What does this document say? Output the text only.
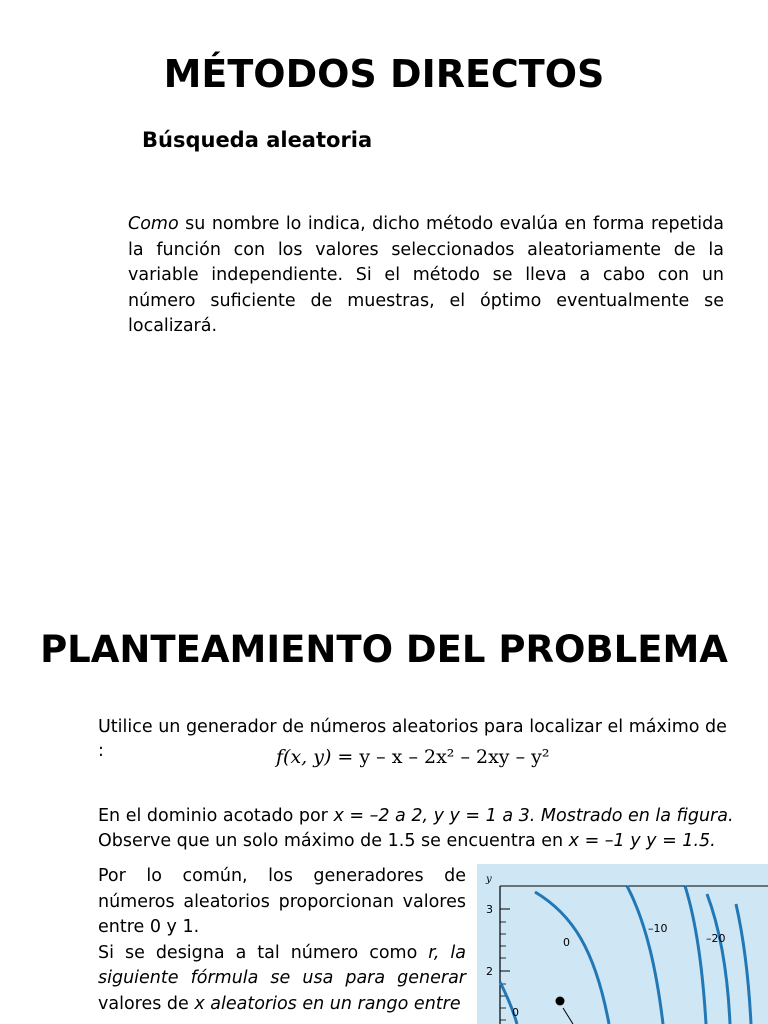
MÉTODOS DIRECTOS
Búsqueda aleatoria
Como su nombre lo indica, dicho método evalúa en forma repetida la función con los valores seleccionados aleatoriamente de la variable independiente. Si el método se lleva a cabo con un número suficiente de muestras, el óptimo eventualmente se localizará.
PLANTEAMIENTO DEL PROBLEMA
Utilice un generador de números aleatorios para localizar el máximo de :	f(x, y) = y – x – 2x² – 2xy – y²
En el dominio acotado por x = –2 a 2, y y = 1 a 3. Mostrado en la figura.
Observe que un solo máximo de 1.5 se encuentra en x = –1 y y = 1.5.
Por lo común, los generadores de números aleatorios proporcionan valores entre 0 y 1.
Si se designa a tal número como r, la siguiente fórmula se usa para generar valores de x aleatorios en un rango entre
y
3
2
0
–10
–20
0
